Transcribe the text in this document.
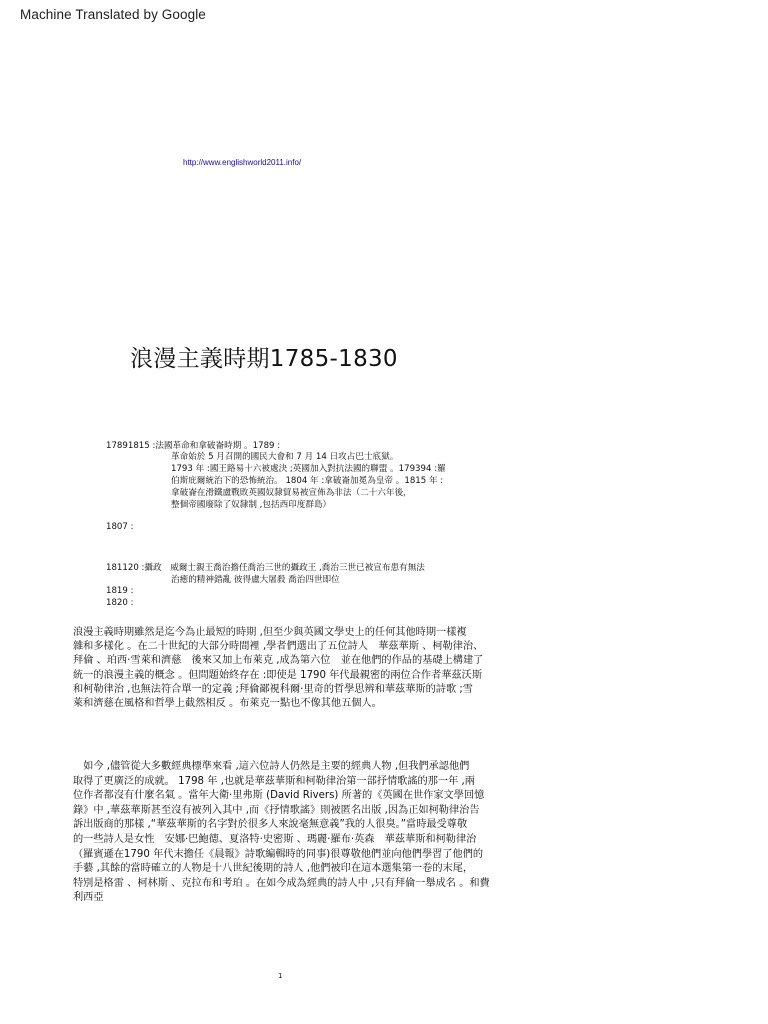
Machine Translated by Google
http://www.englishworld2011.info/
浪漫主義時期1785-1830
17891815 :法國革命和拿破崙時期 。1789 :
革命始於 5 月召開的國民大會和 7 月 14 日攻占巴士底獄。
1793 年 :國王路易十六被處決 ;英國加入對抗法國的聯盟 。179394 :羅
伯斯庇爾統治下的恐怖統治。 1804 年 :拿破崙加冕為皇帝 。1815 年 :
拿破崙在滑鐵盧戰敗英國奴隸貿易被宣佈為非法（二十六年後，
整個帝國廢除了奴隸制 ,包括西印度群島）
1807 :
181120 :攝政　威爾士親王喬治擔任喬治三世的攝政王 ,喬治三世已被宣布患有無法
治癒的精神錯亂 彼得盧大屠殺 喬治四世即位
1819 :
1820 :
浪漫主義時期雖然是迄今為止最短的時期 ,但至少與英國文學史上的任何其他時期一樣複
雜和多樣化 。在二十世紀的大部分時間裡 ,學者們選出了五位詩人　華茲華斯 、柯勒律治、
拜倫 、珀西·雪萊和濟慈　後來又加上布萊克 ,成為第六位　並在他們的作品的基礎上構建了
統一的浪漫主義的概念 。但問題始終存在 :即使是 1790 年代最親密的兩位合作者華茲沃斯
和柯勒律治 ,也無法符合單一的定義 ;拜倫鄙視科爾·里奇的哲學思辨和華茲華斯的詩歌 ;雪
萊和濟慈在風格和哲學上截然相反 。布萊克一點也不像其他五個人。
　如今 ,儘管從大多數經典標準來看 ,這六位詩人仍然是主要的經典人物 ,但我們承認他們
取得了更廣泛的成就。 1798 年 ,也就是華茲華斯和柯勒律治第一部抒情歌謠的那一年 ,兩
位作者都沒有什麼名氣 。當年大衛·里弗斯 (David Rivers) 所著的《英國在世作家文學回憶
錄》中 ,華茲華斯甚至沒有被列入其中 ,而《抒情歌謠》則被匿名出版 ,因為正如柯勒律治告
訴出版商的那樣 ,“華茲華斯的名字對於很多人來說毫無意義”我的人很臭。”當時最受尊敬
的一些詩人是女性　安娜·巴鮑德、夏洛特·史密斯 、瑪麗·羅布·英森　華茲華斯和柯勒律治
（羅賓遜在1790 年代末擔任《晨報》詩歌編輯時的同事)很尊敬他們並向他們學習了他們的
手藝 ,其餘的當時確立的人物是十八世紀後期的詩人 ,他們被印在這本選集第一卷的末尾，
特別是格雷 、柯林斯 、克拉布和考珀 。在如今成為經典的詩人中 ,只有拜倫一舉成名 。和費
利西亞
1
